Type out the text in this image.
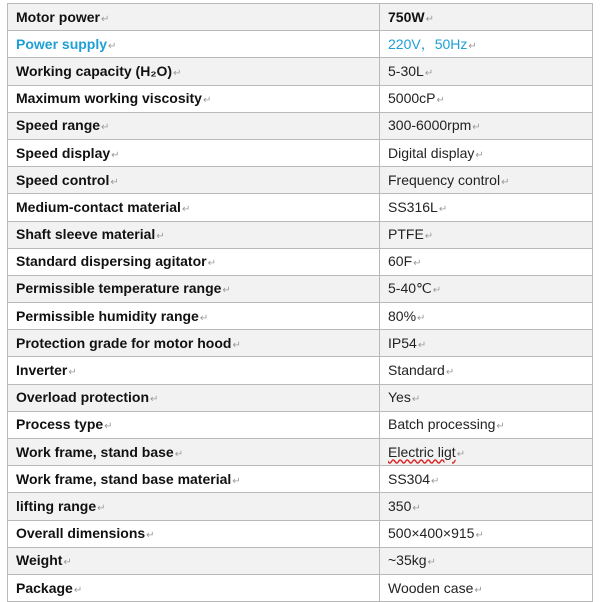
Motor power↵	750W↵
Power supply↵	220V，50Hz↵
Working capacity (H₂O)↵	5-30L↵
Maximum working viscosity↵	5000cP↵
Speed range↵	300-6000rpm↵
Speed display↵	Digital display↵
Speed control↵	Frequency control↵
Medium-contact material↵	SS316L↵
Shaft sleeve material↵	PTFE↵
Standard dispersing agitator↵	60F↵
Permissible temperature range↵	5-40℃↵
Permissible humidity range↵	80%↵
Protection grade for motor hood↵	IP54↵
Inverter↵	Standard↵
Overload protection↵	Yes↵
Process type↵	Batch processing↵
Work frame, stand base↵	Electric ligt↵
Work frame, stand base material↵	SS304↵
lifting range↵	350↵
Overall dimensions↵	500×400×915↵
Weight↵	~35kg↵
Package↵	Wooden case↵
